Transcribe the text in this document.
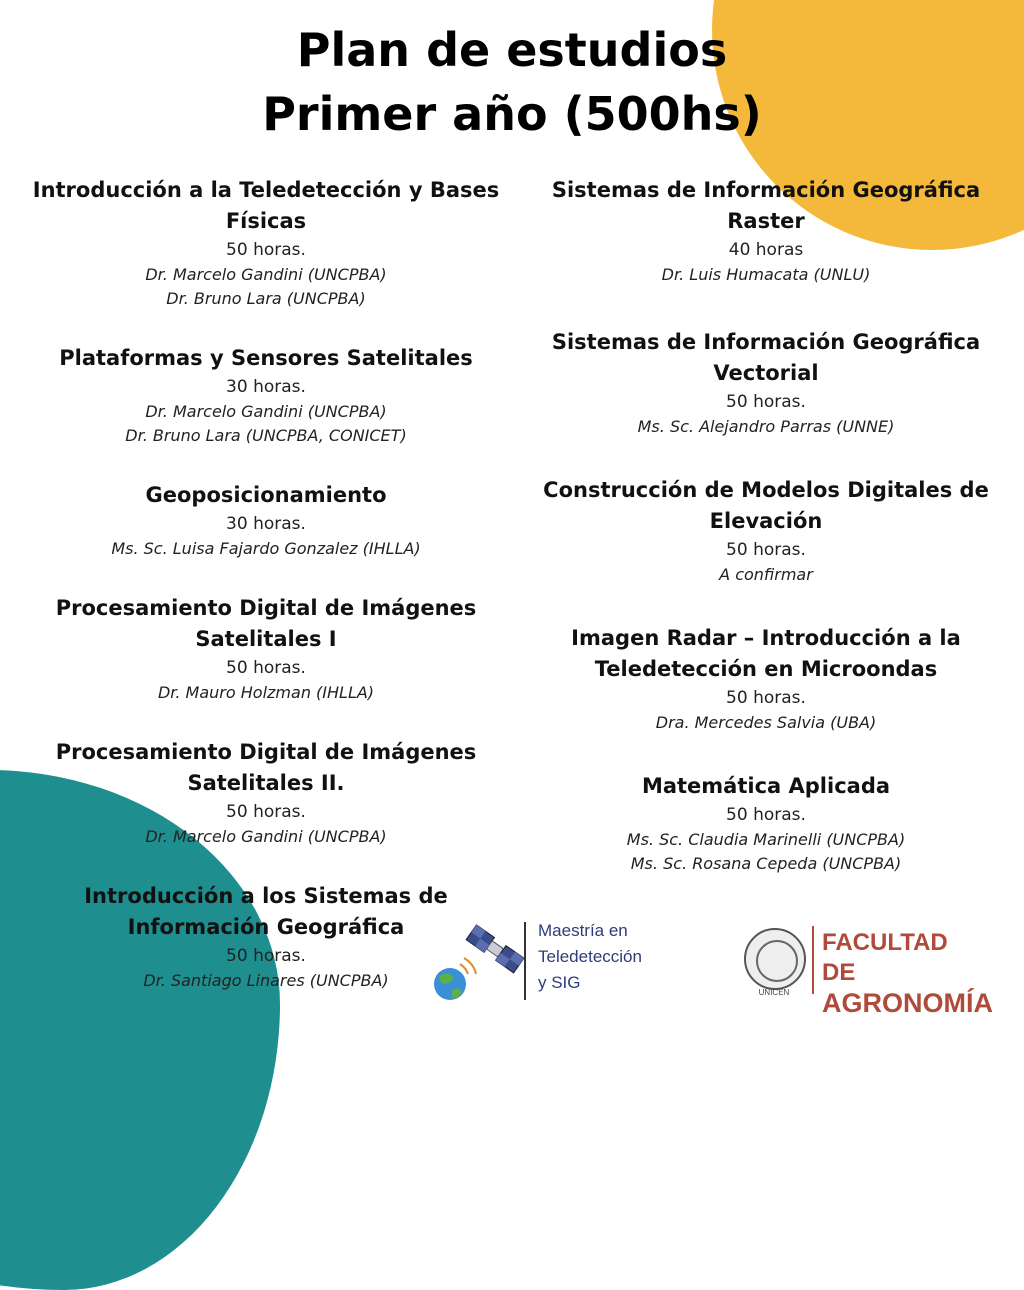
Plan de estudios
Primer año (500hs)
Introducción a la Teledetección y Bases Físicas
50 horas.
Dr. Marcelo Gandini (UNCPBA)
Dr. Bruno Lara (UNCPBA)
Plataformas y Sensores Satelitales
30 horas.
Dr. Marcelo Gandini (UNCPBA)
Dr. Bruno Lara (UNCPBA, CONICET)
Geoposicionamiento
30 horas.
Ms. Sc. Luisa Fajardo Gonzalez (IHLLA)
Procesamiento Digital de Imágenes Satelitales I
50 horas.
Dr. Mauro Holzman (IHLLA)
Procesamiento Digital de Imágenes Satelitales II.
50 horas.
Dr. Marcelo Gandini (UNCPBA)
Introducción a los Sistemas de Información Geográfica
50 horas.
Dr. Santiago Linares (UNCPBA)
Sistemas de Información Geográfica Raster
40 horas
Dr. Luis Humacata (UNLU)
Sistemas de Información Geográfica Vectorial
50 horas.
Ms. Sc. Alejandro Parras (UNNE)
Construcción de Modelos Digitales de Elevación
50 horas.
A confirmar
Imagen Radar – Introducción a la Teledetección en Microondas
50 horas.
Dra. Mercedes Salvia (UBA)
Matemática Aplicada
50 horas.
Ms. Sc. Claudia Marinelli (UNCPBA)
Ms. Sc. Rosana Cepeda (UNCPBA)
Maestría en
Teledetección
y SIG
UNICEN
FACULTAD DE
AGRONOMÍA
